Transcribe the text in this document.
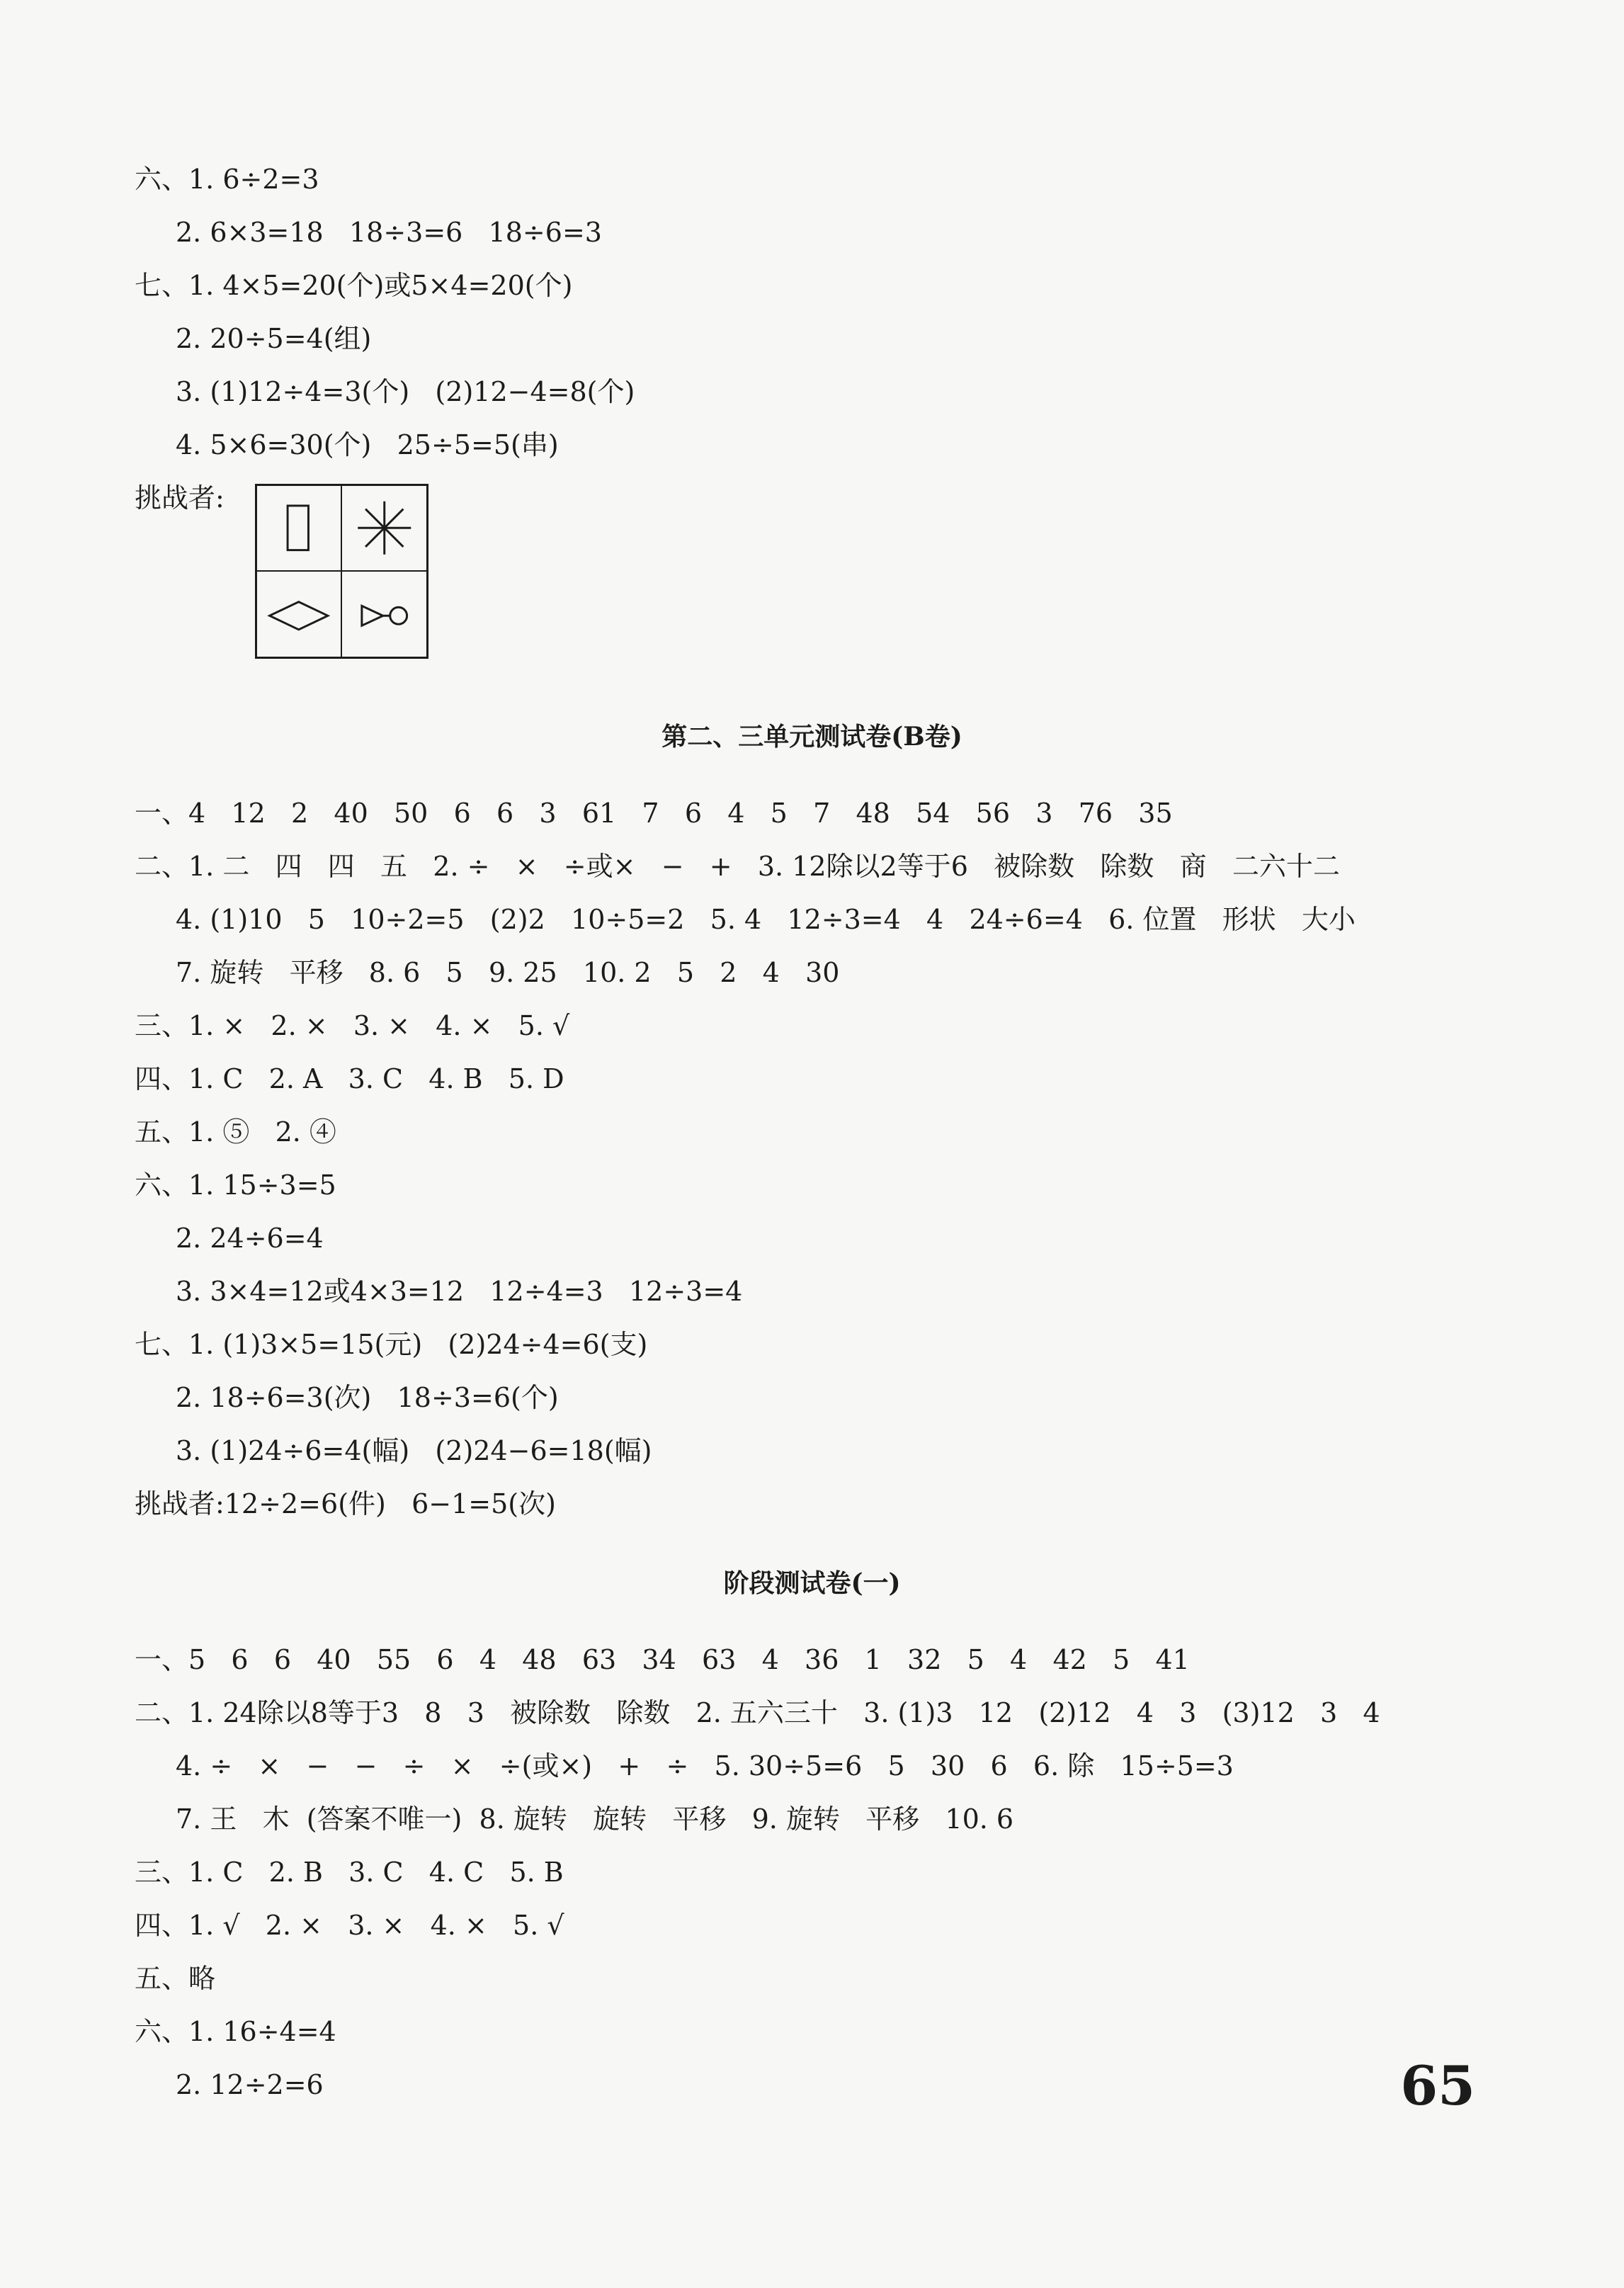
六、1. 6÷2=3
2. 6×3=18   18÷3=6   18÷6=3
七、1. 4×5=20(个)或5×4=20(个)
2. 20÷5=4(组)
3. (1)12÷4=3(个)   (2)12−4=8(个)
4. 5×6=30(个)   25÷5=5(串)
挑战者:
第二、三单元测试卷(B卷)
一、4   12   2   40   50   6   6   3   61   7   6   4   5   7   48   54   56   3   76   35
二、1. 二   四   四   五   2. ÷   ×   ÷或×   −   +   3. 12除以2等于6   被除数   除数   商   二六十二
4. (1)10   5   10÷2=5   (2)2   10÷5=2   5. 4   12÷3=4   4   24÷6=4   6. 位置   形状   大小
7. 旋转   平移   8. 6   5   9. 25   10. 2   5   2   4   30
三、1. ×   2. ×   3. ×   4. ×   5. √
四、1. C   2. A   3. C   4. B   5. D
五、1. ⑤   2. ④
六、1. 15÷3=5
2. 24÷6=4
3. 3×4=12或4×3=12   12÷4=3   12÷3=4
七、1. (1)3×5=15(元)   (2)24÷4=6(支)
2. 18÷6=3(次)   18÷3=6(个)
3. (1)24÷6=4(幅)   (2)24−6=18(幅)
挑战者:12÷2=6(件)   6−1=5(次)
阶段测试卷(一)
一、5   6   6   40   55   6   4   48   63   34   63   4   36   1   32   5   4   42   5   41
二、1. 24除以8等于3   8   3   被除数   除数   2. 五六三十   3. (1)3   12   (2)12   4   3   (3)12   3   4
4. ÷   ×   −   −   ÷   ×   ÷(或×)   +   ÷   5. 30÷5=6   5   30   6   6. 除   15÷5=3
7. 王   木  (答案不唯一)  8. 旋转   旋转   平移   9. 旋转   平移   10. 6
三、1. C   2. B   3. C   4. C   5. B
四、1. √   2. ×   3. ×   4. ×   5. √
五、略
六、1. 16÷4=4
2. 12÷2=6	65
